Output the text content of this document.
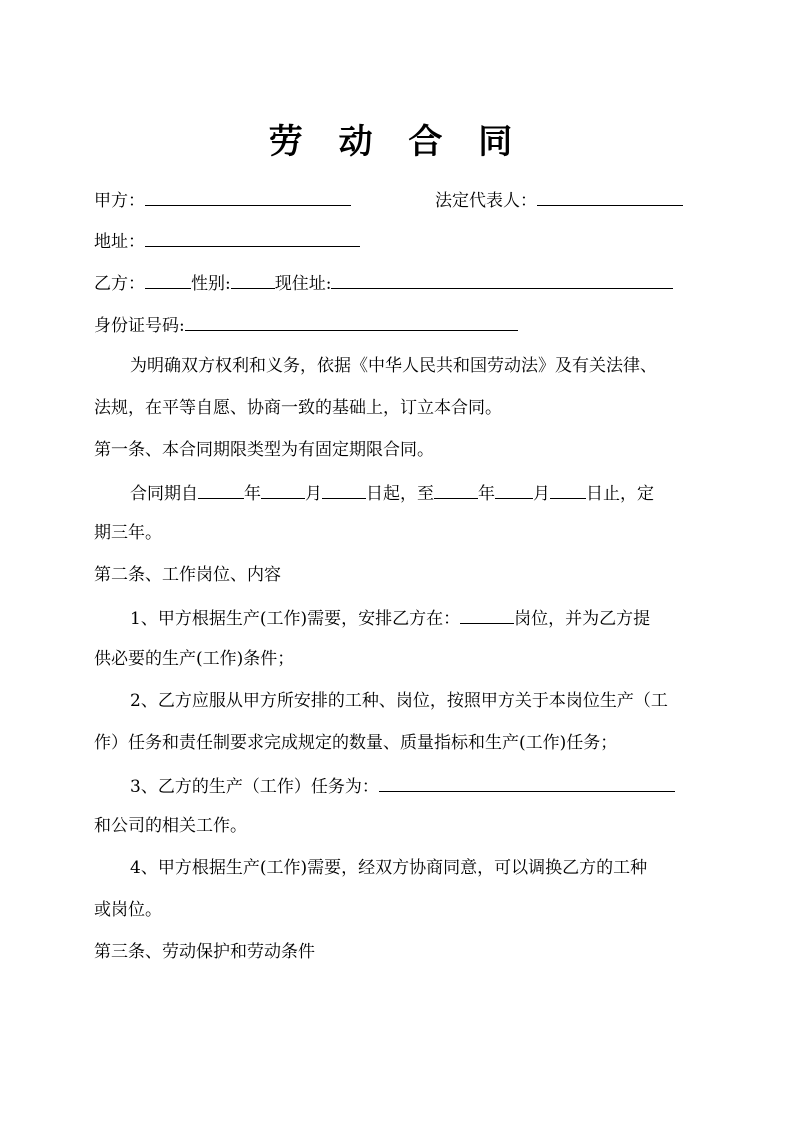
劳 动 合 同
甲方：	法定代表人：
地址：
乙方：	性别:	现住址:
身份证号码:
为明确双方权利和义务，依据《中华人民共和国劳动法》及有关法律、
法规，在平等自愿、协商一致的基础上，订立本合同。
第一条、本合同期限类型为有固定期限合同。
合同期自	年	月	日起，至	年 月 日止，定
期三年。
第二条、工作岗位、内容
1、甲方根据生产(工作)需要，安排乙方在：	岗位，并为乙方提
供必要的生产(工作)条件；
2、乙方应服从甲方所安排的工种、岗位，按照甲方关于本岗位生产（工
作）任务和责任制要求完成规定的数量、质量指标和生产(工作)任务；
3、乙方的生产（工作）任务为：
和公司的相关工作。
4、甲方根据生产(工作)需要，经双方协商同意，可以调换乙方的工种
或岗位。
第三条、劳动保护和劳动条件
